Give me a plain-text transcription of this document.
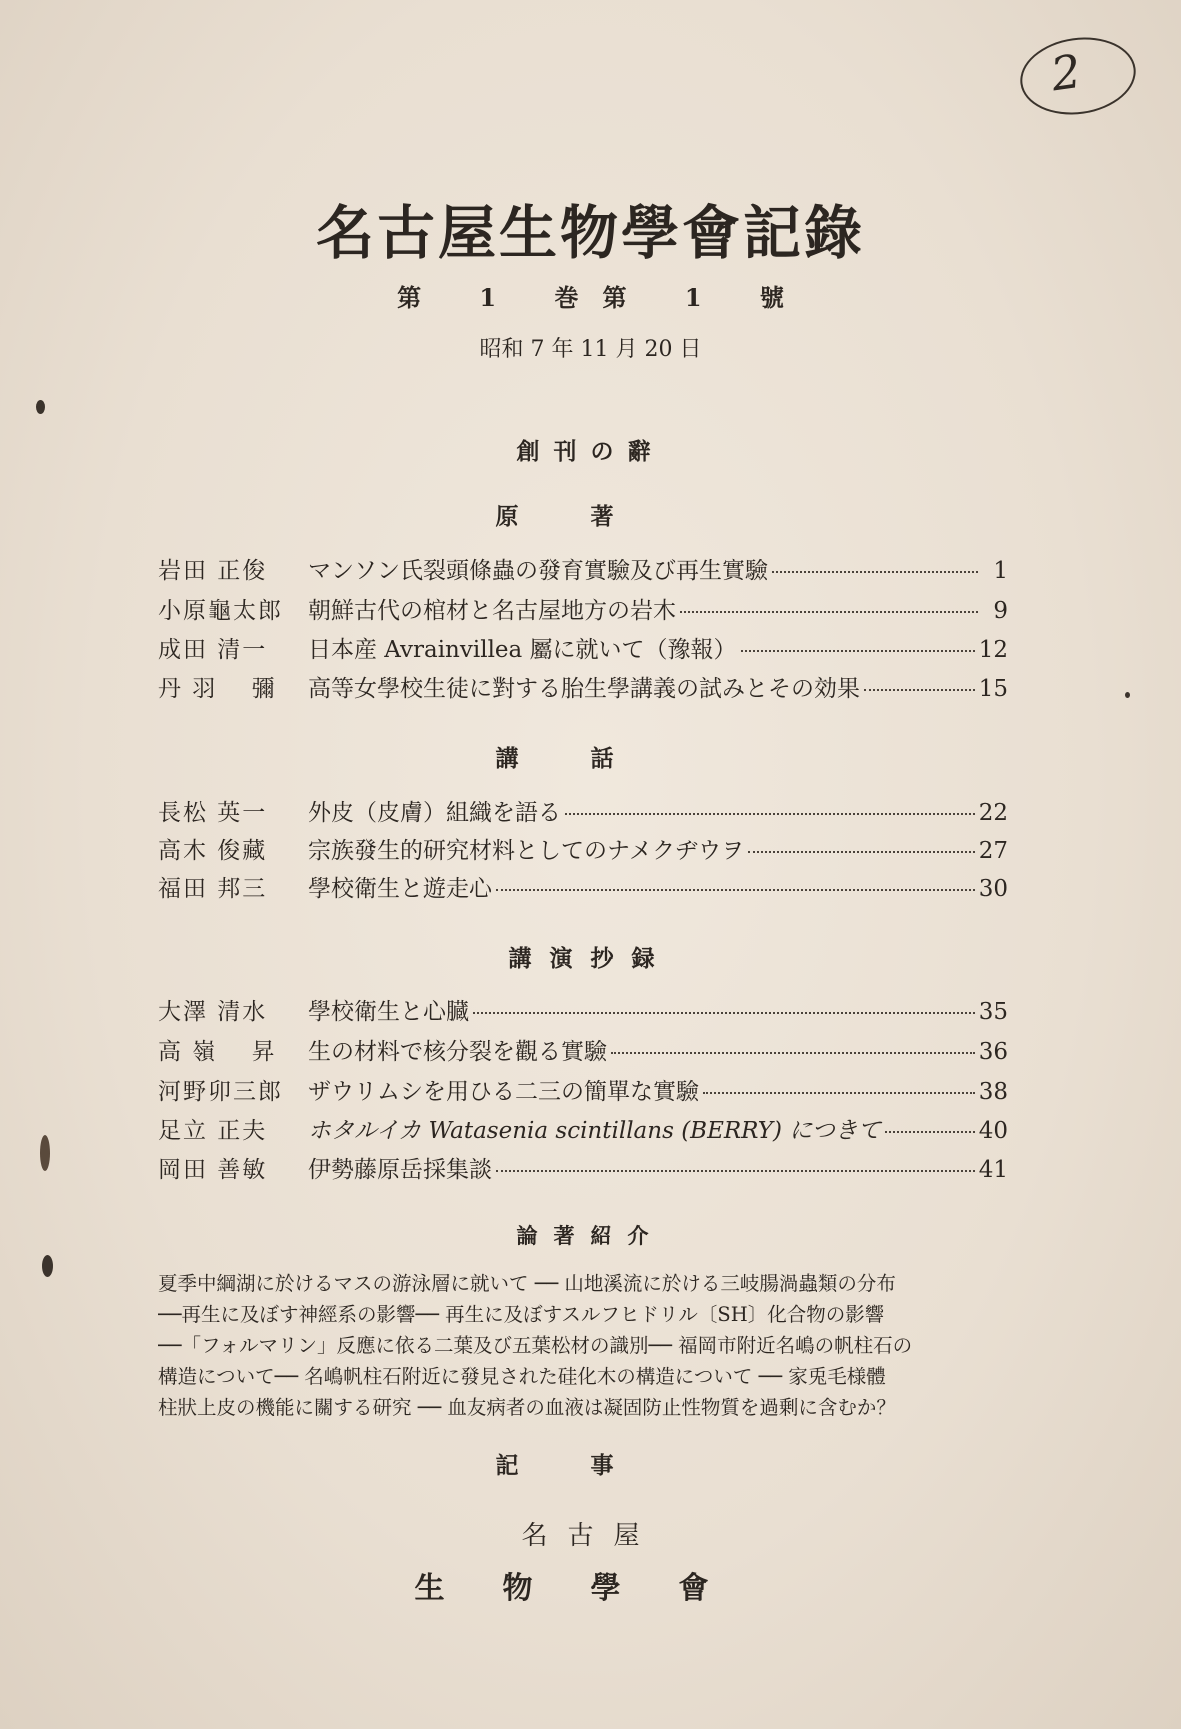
2
名古屋生物學會記錄
第 1 巻　第 1 號
昭和 7 年 11 月 20 日
創刊の辭
原著
岩田 正俊	マンソン氏裂頭條蟲の發育實驗及び再生實驗	1
小原龜太郎	朝鮮古代の棺材と名古屋地方の岩木	9
成田 清一	日本産 Avrainvillea 屬に就いて（豫報）	12
丹 羽　 彌	高等女學校生徒に對する胎生學講義の試みとその効果	15
講話
長松 英一	外皮（皮膚）組織を語る	22
高木 俊藏	宗族發生的研究材料としてのナメクヂウヲ	27
福田 邦三	學校衛生と遊走心	30
講演抄録
大澤 清水	學校衛生と心臓	35
高 嶺　 昇	生の材料で核分裂を觀る實驗	36
河野卯三郎	ザウリムシを用ひる二三の簡單な實驗	38
足立 正夫	ホタルイカ Watasenia scintillans (BERRY) につきて	40
岡田 善敏	伊勢藤原岳採集談	41
論著紹介
夏季中綱湖に於けるマスの游泳層に就いて ── 山地溪流に於ける三岐腸渦蟲類の分布
──再生に及ぼす神經系の影響── 再生に及ぼすスルフヒドリル〔SH〕化合物の影響
──「フォルマリン」反應に依る二葉及び五葉松材の識別── 福岡市附近名嶋の帆柱石の
構造について── 名嶋帆柱石附近に發見された硅化木の構造について ── 家兎毛様體
柱狀上皮の機能に關する研究 ── 血友病者の血液は凝固防止性物質を過剰に含むか？
記事
名古屋
生物學會
